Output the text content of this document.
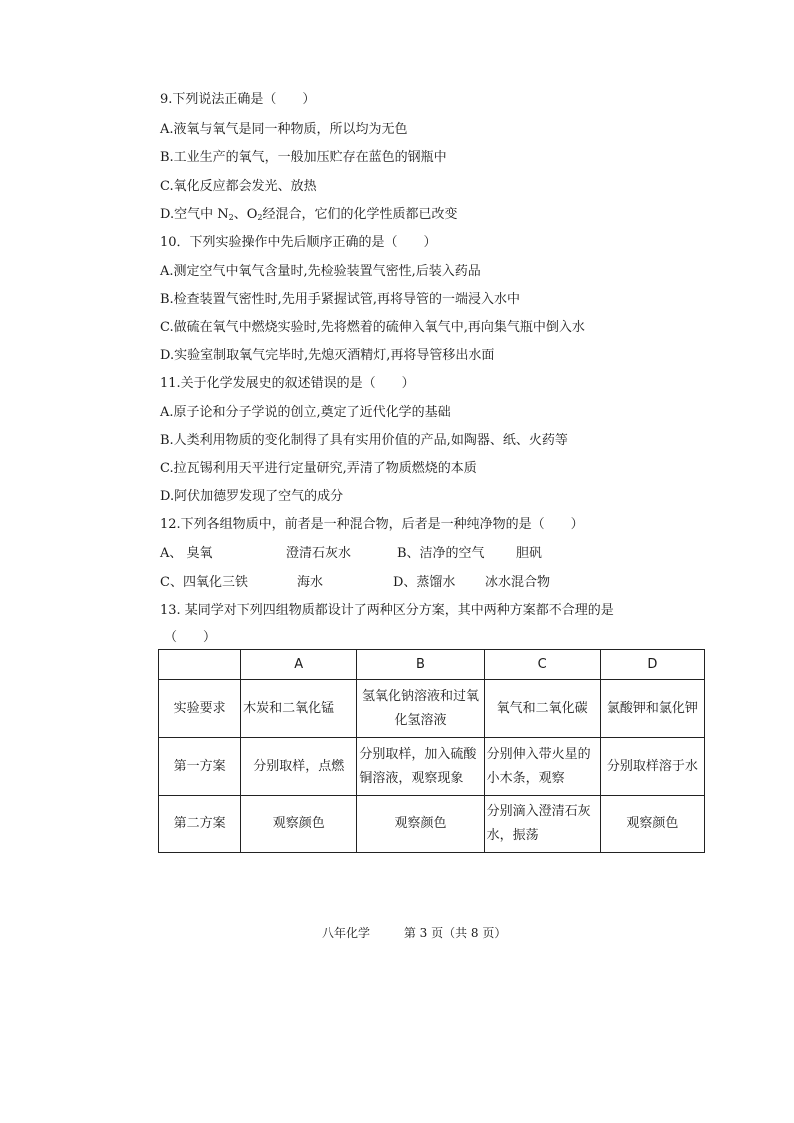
9.下列说法正确是（　　）
A.液氧与氧气是同一种物质，所以均为无色
B.工业生产的氧气，一般加压贮存在蓝色的钢瓶中
C.氧化反应都会发光、放热
D.空气中 $N_2$、$O_2$经混合，它们的化学性质都已改变
10．下列实验操作中先后顺序正确的是（　　）
A.测定空气中氧气含量时,先检验装置气密性,后装入药品
B.检查装置气密性时,先用手紧握试管,再将导管的一端浸入水中
C.做硫在氧气中燃烧实验时,先将燃着的硫伸入氧气中,再向集气瓶中倒入水
D.实验室制取氧气完毕时,先熄灭酒精灯,再将导管移出水面
11.关于化学发展史的叙述错误的是（　　）
A.原子论和分子学说的创立,奠定了近代化学的基础
B.人类利用物质的变化制得了具有实用价值的产品,如陶器、纸、火药等
C.拉瓦锡利用天平进行定量研究,弄清了物质燃烧的本质
D.阿伏加德罗发现了空气的成分
12.下列各组物质中，前者是一种混合物，后者是一种纯净物的是（　　）
A、 臭氧	澄清石灰水	B、洁净的空气 胆矾
C、四氧化三铁	海水	D、蒸馏水 冰水混合物
13. 某同学对下列四组物质都设计了两种区分方案，其中两种方案都不合理的是
（　　）
	A	B	C	D
实验要求	木炭和二氧化锰	氢氧化钠溶液和过氧化氢溶液	氧气和二氧化碳	氯酸钾和氯化钾
第一方案	分别取样，点燃	分别取样，加入硫酸铜溶液，观察现象	分别伸入带火星的小木条，观察	分别取样溶于水
第二方案	观察颜色	观察颜色	分别滴入澄清石灰水，振荡	观察颜色
八年化学	第 3 页（共 8 页）
